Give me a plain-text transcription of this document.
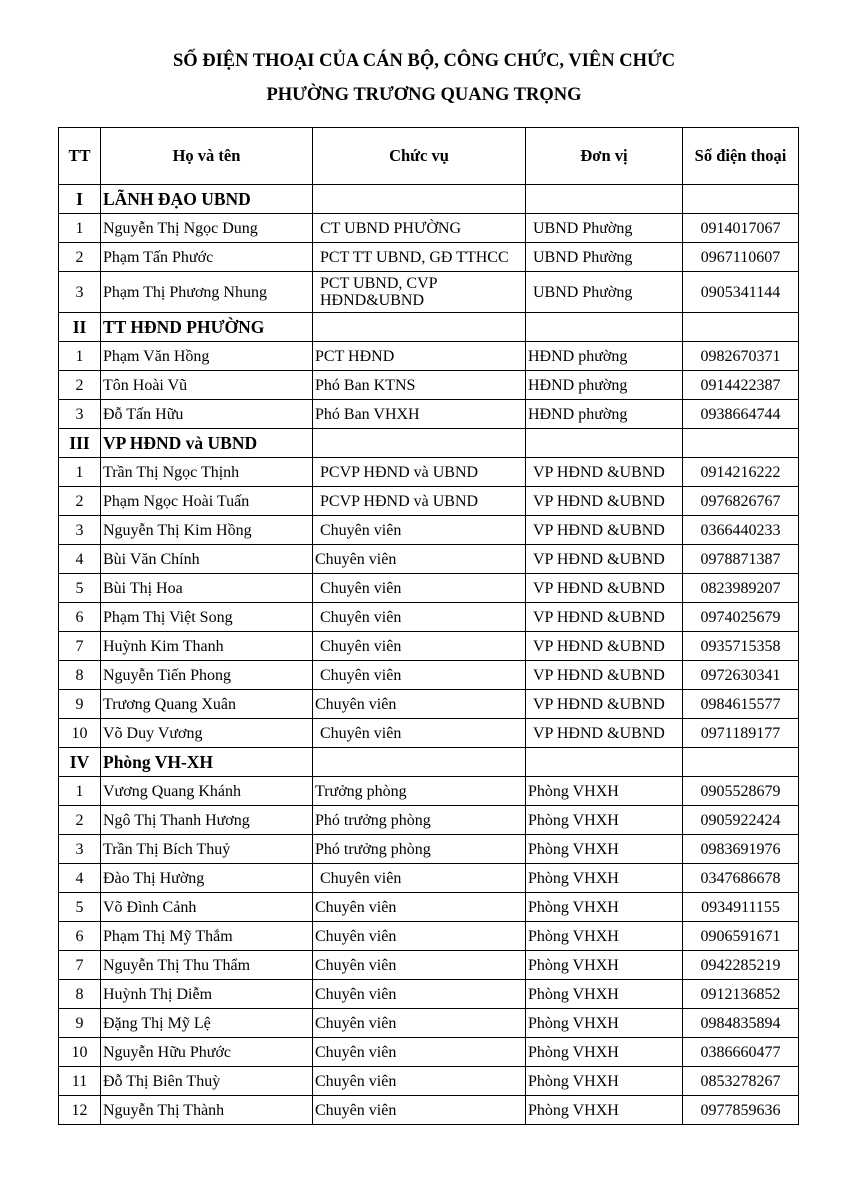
SỐ ĐIỆN THOẠI CỦA CÁN BỘ, CÔNG CHỨC, VIÊN CHỨC
PHƯỜNG TRƯƠNG QUANG TRỌNG
TT	Họ và tên	Chức vụ	Đơn vị	Số điện thoại
I	LÃNH ĐẠO UBND			
1	Nguyễn Thị Ngọc Dung	CT UBND PHƯỜNG	UBND Phường	0914017067
2	Phạm Tấn Phước	PCT TT UBND, GĐ TTHCC	UBND Phường	0967110607
3	Phạm Thị Phương Nhung	PCT UBND, CVP HĐND&UBND	UBND Phường	0905341144
II	TT HĐND PHƯỜNG			
1	Phạm Văn Hồng	PCT HĐND	HĐND phường	0982670371
2	Tôn Hoài Vũ	Phó Ban KTNS	HĐND phường	0914422387
3	Đỗ Tấn Hữu	Phó Ban VHXH	HĐND phường	0938664744
III	VP HĐND và UBND			
1	Trần Thị Ngọc Thịnh	PCVP HĐND và UBND	VP HĐND &UBND	0914216222
2	Phạm Ngọc Hoài Tuấn	PCVP HĐND và UBND	VP HĐND &UBND	0976826767
3	Nguyễn Thị Kim Hồng	Chuyên viên	VP HĐND &UBND	0366440233
4	Bùi Văn Chính	Chuyên viên	VP HĐND &UBND	0978871387
5	Bùi Thị Hoa	Chuyên viên	VP HĐND &UBND	0823989207
6	Phạm Thị Việt Song	Chuyên viên	VP HĐND &UBND	0974025679
7	Huỳnh Kim Thanh	Chuyên viên	VP HĐND &UBND	0935715358
8	Nguyễn Tiến Phong	Chuyên viên	VP HĐND &UBND	0972630341
9	Trương Quang Xuân	Chuyên viên	VP HĐND &UBND	0984615577
10	Võ Duy Vương	Chuyên viên	VP HĐND &UBND	0971189177
IV	Phòng VH-XH			
1	Vương Quang Khánh	Trưởng phòng	Phòng VHXH	0905528679
2	Ngô Thị Thanh Hương	Phó trưởng phòng	Phòng VHXH	0905922424
3	Trần Thị Bích Thuỷ	Phó trưởng phòng	Phòng VHXH	0983691976
4	Đào Thị Hường	Chuyên viên	Phòng VHXH	0347686678
5	Võ Đình Cảnh	Chuyên viên	Phòng VHXH	0934911155
6	Phạm Thị Mỹ Thắm	Chuyên viên	Phòng VHXH	0906591671
7	Nguyễn Thị Thu Thẩm	Chuyên viên	Phòng VHXH	0942285219
8	Huỳnh Thị Diễm	Chuyên viên	Phòng VHXH	0912136852
9	Đặng Thị Mỹ Lệ	Chuyên viên	Phòng VHXH	0984835894
10	Nguyễn Hữu Phước	Chuyên viên	Phòng VHXH	0386660477
11	Đỗ Thị Biên Thuỳ	Chuyên viên	Phòng VHXH	0853278267
12	Nguyễn Thị Thành	Chuyên viên	Phòng VHXH	0977859636
